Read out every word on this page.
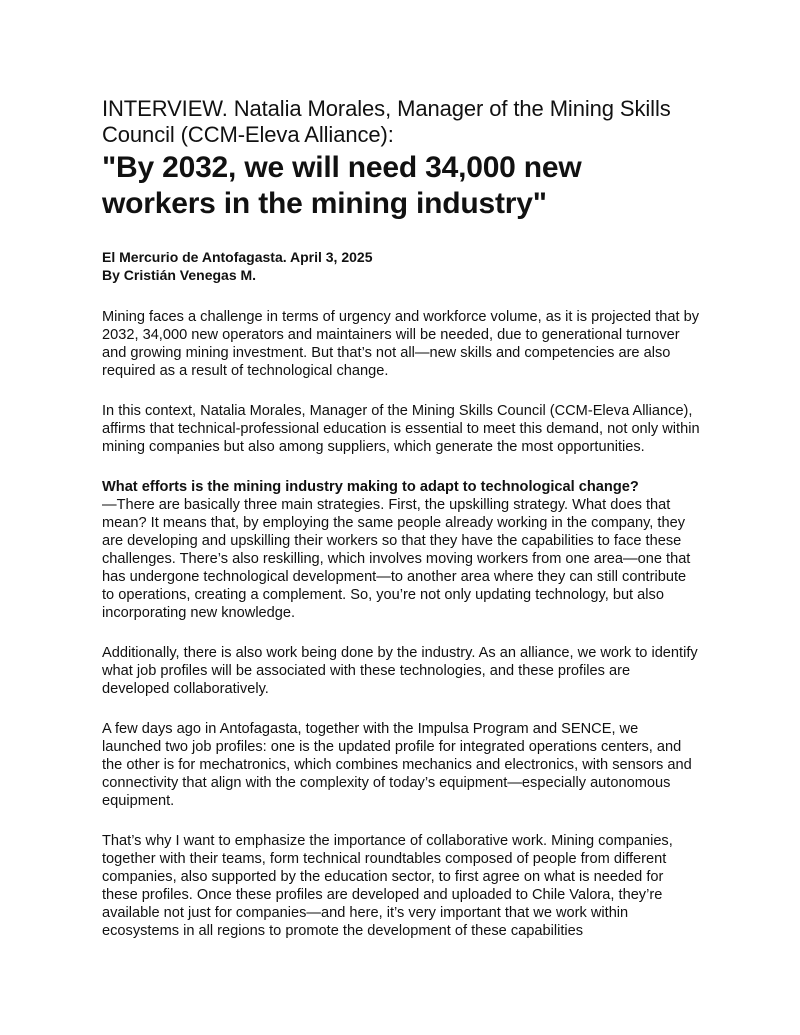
INTERVIEW. Natalia Morales, Manager of the Mining Skills Council (CCM-Eleva Alliance):
"By 2032, we will need 34,000 new workers in the mining industry"
El Mercurio de Antofagasta. April 3, 2025
By Cristián Venegas M.

Mining faces a challenge in terms of urgency and workforce volume, as it is projected that by 2032, 34,000 new operators and maintainers will be needed, due to generational turnover and growing mining investment. But that’s not all—new skills and competencies are also required as a result of technological change.

In this context, Natalia Morales, Manager of the Mining Skills Council (CCM-Eleva Alliance), affirms that technical-professional education is essential to meet this demand, not only within mining companies but also among suppliers, which generate the most opportunities.

What efforts is the mining industry making to adapt to technological change?
—There are basically three main strategies. First, the upskilling strategy. What does that mean? It means that, by employing the same people already working in the company, they are developing and upskilling their workers so that they have the capabilities to face these challenges. There’s also reskilling, which involves moving workers from one area—one that has undergone technological development—to another area where they can still contribute to operations, creating a complement. So, you’re not only updating technology, but also incorporating new knowledge.

Additionally, there is also work being done by the industry. As an alliance, we work to identify what job profiles will be associated with these technologies, and these profiles are developed collaboratively.

A few days ago in Antofagasta, together with the Impulsa Program and SENCE, we launched two job profiles: one is the updated profile for integrated operations centers, and the other is for mechatronics, which combines mechanics and electronics, with sensors and connectivity that align with the complexity of today’s equipment—especially autonomous equipment.

That’s why I want to emphasize the importance of collaborative work. Mining companies, together with their teams, form technical roundtables composed of people from different companies, also supported by the education sector, to first agree on what is needed for these profiles. Once these profiles are developed and uploaded to Chile Valora, they’re available not just for companies—and here, it’s very important that we work within ecosystems in all regions to promote the development of these capabilities
